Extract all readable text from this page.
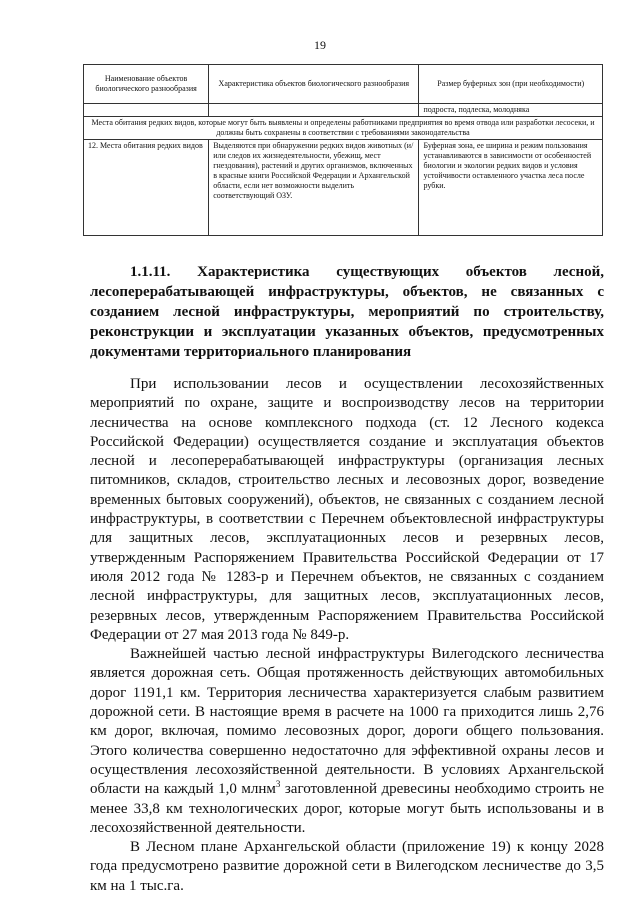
19
Наименование объектов биологического разнообразия	Характеристика объектов биологического разнообразия	Размер буферных зон (при необходимости)
		подроста, подлеска, молодняка
Места обитания редких видов, которые могут быть выявлены и определены работниками предприятия во время отвода или разработки лесосеки, и должны быть сохранены в соответствии с требованиями законодательства		
12. Места обитания редких видов	Выделяются при обнаружении редких видов животных (и/или следов их жизнедеятельности, убежищ, мест гнездования), растений и других организмов, включенных в красные книги Российской Федерации и Архангельской области, если нет возможности выделить соответствующий ОЗУ.	Буферная зона, ее ширина и режим пользования устанавливаются в зависимости от особенностей биологии и экологии редких видов и условия устойчивости оставленного участка леса после рубки.
1.1.11. Характеристика существующих объектов лесной, лесоперерабатывающей инфраструктуры, объектов, не связанных с созданием лесной инфраструктуры, мероприятий по строительству, реконструкции и эксплуатации указанных объектов, предусмотренных документами территориального планирования

При использовании лесов и осуществлении лесохозяйственных мероприятий по охране, защите и воспроизводству лесов на территории лесничества на основе комплексного подхода (ст. 12 Лесного кодекса Российской Федерации) осуществляется создание и эксплуатация объектов лесной и лесоперерабатывающей инфраструктуры (организация лесных питомников, складов, строительство лесных и лесовозных дорог, возведение временных бытовых сооружений), объектов, не связанных с созданием лесной инфраструктуры, в соответствии с Перечнем объектовлесной инфраструктуры для защитных лесов, эксплуатационных лесов и резервных лесов, утвержденным Распоряжением Правительства Российской Федерации от 17 июля 2012 года № 1283-р и Перечнем объектов, не связанных с созданием лесной инфраструктуры, для защитных лесов, эксплуатационных лесов, резервных лесов, утвержденным Распоряжением Правительства Российской Федерации от 27 мая 2013 года № 849-р.

Важнейшей частью лесной инфраструктуры Вилегодского лесничества является дорожная сеть. Общая протяженность действующих автомобильных дорог 1191,1 км. Территория лесничества характеризуется слабым развитием дорожной сети. В настоящие время в расчете на 1000 га приходится лишь 2,76 км дорог, включая, помимо лесовозных дорог, дороги общего пользования. Этого количества совершенно недостаточно для эффективной охраны лесов и осуществления лесохозяйственной деятельности. В условиях Архангельской области на каждый 1,0 млнм$^3$ заготовленной древесины необходимо строить не менее 33,8 км технологических дорог, которые могут быть использованы и в лесохозяйственной деятельности.

В Лесном плане Архангельской области (приложение 19) к концу 2028 года предусмотрено развитие дорожной сети в Вилегодском лесничестве до 3,5 км на 1 тыс.га.
